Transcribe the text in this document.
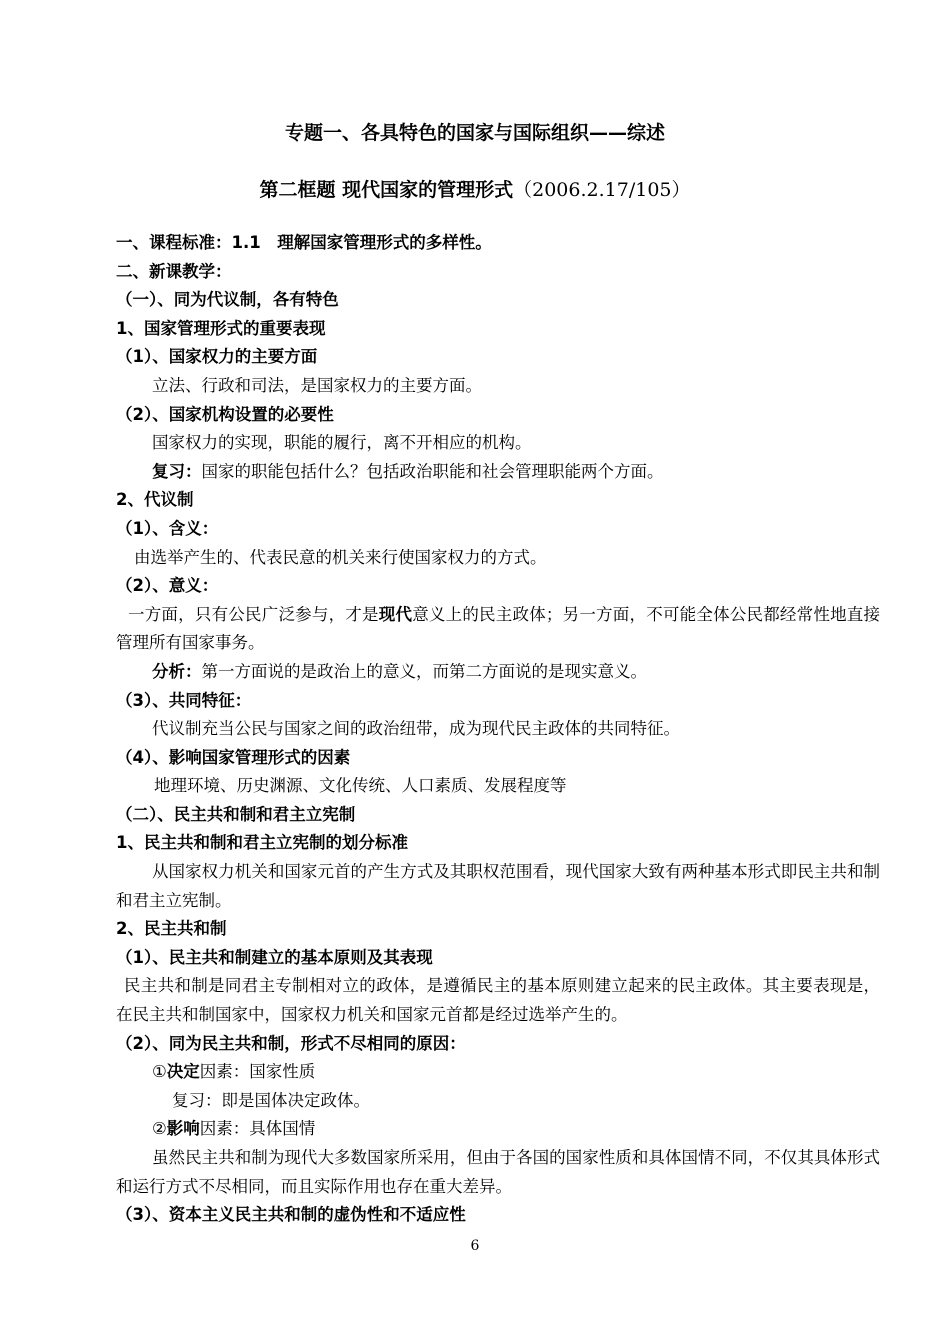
专题一、各具特色的国家与国际组织——综述
第二框题 现代国家的管理形式（2006.2.17/105）
一、课程标准：1.1　理解国家管理形式的多样性。
二、新课教学：
（一）、同为代议制，各有特色
1、国家管理形式的重要表现
（1）、国家权力的主要方面
立法、行政和司法，是国家权力的主要方面。
（2）、国家机构设置的必要性
国家权力的实现，职能的履行，离不开相应的机构。
复习：国家的职能包括什么？包括政治职能和社会管理职能两个方面。
2、代议制
（1）、含义：
由选举产生的、代表民意的机关来行使国家权力的方式。
（2）、意义：
一方面，只有公民广泛参与，才是现代意义上的民主政体；另一方面，不可能全体公民都经常性地直接管理所有国家事务。
分析：第一方面说的是政治上的意义，而第二方面说的是现实意义。
（3）、共同特征：
代议制充当公民与国家之间的政治纽带，成为现代民主政体的共同特征。
（4）、影响国家管理形式的因素
地理环境、历史渊源、文化传统、人口素质、发展程度等
（二）、民主共和制和君主立宪制
1、民主共和制和君主立宪制的划分标准
从国家权力机关和国家元首的产生方式及其职权范围看，现代国家大致有两种基本形式即民主共和制和君主立宪制。
2、民主共和制
（1）、民主共和制建立的基本原则及其表现
民主共和制是同君主专制相对立的政体，是遵循民主的基本原则建立起来的民主政体。其主要表现是，在民主共和制国家中，国家权力机关和国家元首都是经过选举产生的。
（2）、同为民主共和制，形式不尽相同的原因：
①决定因素：国家性质
复习：即是国体决定政体。
②影响因素：具体国情
虽然民主共和制为现代大多数国家所采用，但由于各国的国家性质和具体国情不同，不仅其具体形式和运行方式不尽相同，而且实际作用也存在重大差异。
（3）、资本主义民主共和制的虚伪性和不适应性
6
